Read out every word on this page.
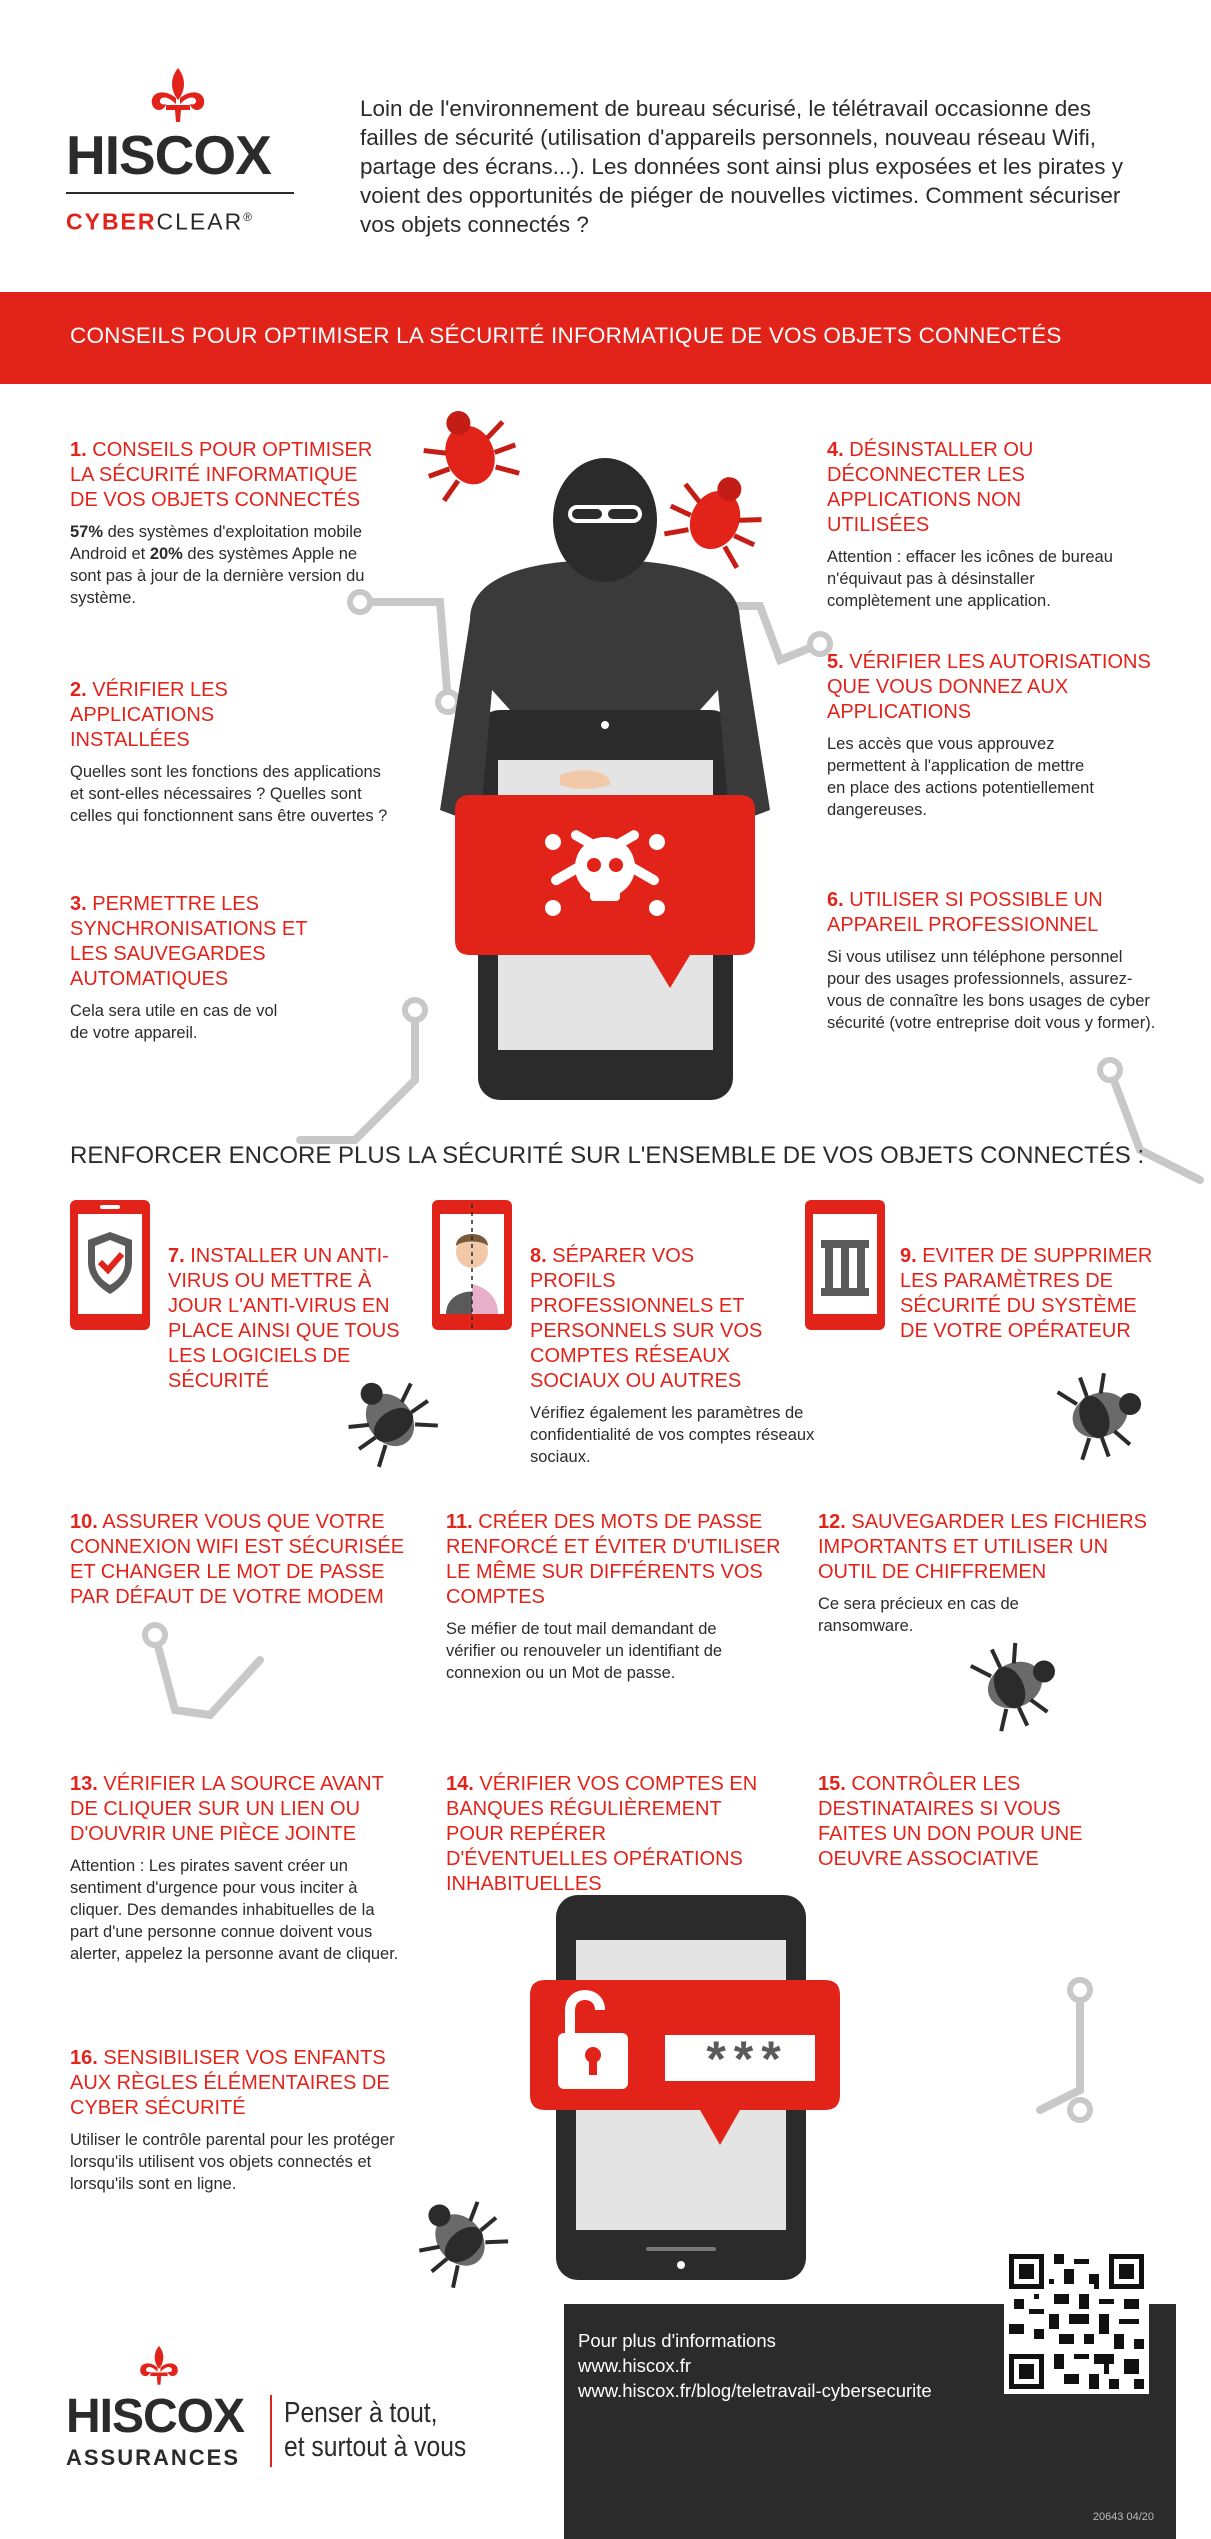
HISCOX
CYBERCLEAR®
Loin de l'environnement de bureau sécurisé, le télétravail occasionne des failles de sécurité (utilisation d'appareils personnels, nouveau réseau Wifi, partage des écrans...). Les données sont ainsi plus exposées et les pirates y voient des opportunités de piéger de nouvelles victimes. Comment sécuriser vos objets connectés ?
CONSEILS POUR OPTIMISER LA SÉCURITÉ INFORMATIQUE DE VOS OBJETS CONNECTÉS

1. CONSEILS POUR OPTIMISER LA SÉCURITÉ INFORMATIQUE DE VOS OBJETS CONNECTÉS

57% des systèmes d'exploitation mobile Android et 20% des systèmes Apple ne sont pas à jour de la dernière version du système.

2. VÉRIFIER LES APPLICATIONS INSTALLÉES

Quelles sont les fonctions des applications et sont-elles nécessaires ? Quelles sont celles qui fonctionnent sans être ouvertes ?

3. PERMETTRE LES SYNCHRONISATIONS ET LES SAUVEGARDES AUTOMATIQUES

Cela sera utile en cas de vol de votre appareil.

4. DÉSINSTALLER OU DÉCONNECTER LES APPLICATIONS NON UTILISÉES

Attention : effacer les icônes de bureau n'équivaut pas à désinstaller complètement une application.

5. VÉRIFIER LES AUTORISATIONS QUE VOUS DONNEZ AUX APPLICATIONS

Les accès que vous approuvez permettent à l'application de mettre en place des actions potentiellement dangereuses.

6. UTILISER SI POSSIBLE UN APPAREIL PROFESSIONNEL

Si vous utilisez unn téléphone personnel pour des usages professionnels, assurez-vous de connaître les bons usages de cyber sécurité (votre entreprise doit vous y former).

RENFORCER ENCORE PLUS LA SÉCURITÉ SUR L'ENSEMBLE DE VOS OBJETS CONNECTÉS :

7. INSTALLER UN ANTI-VIRUS OU METTRE À JOUR L'ANTI-VIRUS EN PLACE AINSI QUE TOUS LES LOGICIELS DE SÉCURITÉ

8. SÉPARER VOS PROFILS PROFESSIONNELS ET PERSONNELS SUR VOS COMPTES RÉSEAUX SOCIAUX OU AUTRES

Vérifiez également les paramètres de confidentialité de vos comptes réseaux sociaux.

9. EVITER DE SUPPRIMER LES PARAMÈTRES DE SÉCURITÉ DU SYSTÈME DE VOTRE OPÉRATEUR

10. ASSURER VOUS QUE VOTRE CONNEXION WIFI EST SÉCURISÉE ET CHANGER LE MOT DE PASSE PAR DÉFAUT DE VOTRE MODEM

11. CRÉER DES MOTS DE PASSE RENFORCÉ ET ÉVITER D'UTILISER LE MÊME SUR DIFFÉRENTS VOS COMPTES

Se méfier de tout mail demandant de vérifier ou renouveler un identifiant de connexion ou un Mot de passe.

12. SAUVEGARDER LES FICHIERS IMPORTANTS ET UTILISER UN OUTIL DE CHIFFREMEN

Ce sera précieux en cas de ransomware.

13. VÉRIFIER LA SOURCE AVANT DE CLIQUER SUR UN LIEN OU D'OUVRIR UNE PIÈCE JOINTE

Attention : Les pirates savent créer un sentiment d'urgence pour vous inciter à cliquer. Des demandes inhabituelles de la part d'une personne connue doivent vous alerter, appelez la personne avant de cliquer.

14. VÉRIFIER VOS COMPTES EN BANQUES RÉGULIÈREMENT POUR REPÉRER D'ÉVENTUELLES OPÉRATIONS INHABITUELLES

15. CONTRÔLER LES DESTINATAIRES SI VOUS FAITES UN DON POUR UNE OEUVRE ASSOCIATIVE

16. SENSIBILISER VOS ENFANTS AUX RÈGLES ÉLÉMENTAIRES DE CYBER SÉCURITÉ

Utiliser le contrôle parental pour les protéger lorsqu'ils utilisent vos objets connectés et lorsqu'ils sont en ligne.

***
HISCOX
ASSURANCES
Penser à tout,
et surtout à vous
Pour plus d'informations
www.hiscox.fr
www.hiscox.fr/blog/teletravail-cybersecurite
20643 04/20
